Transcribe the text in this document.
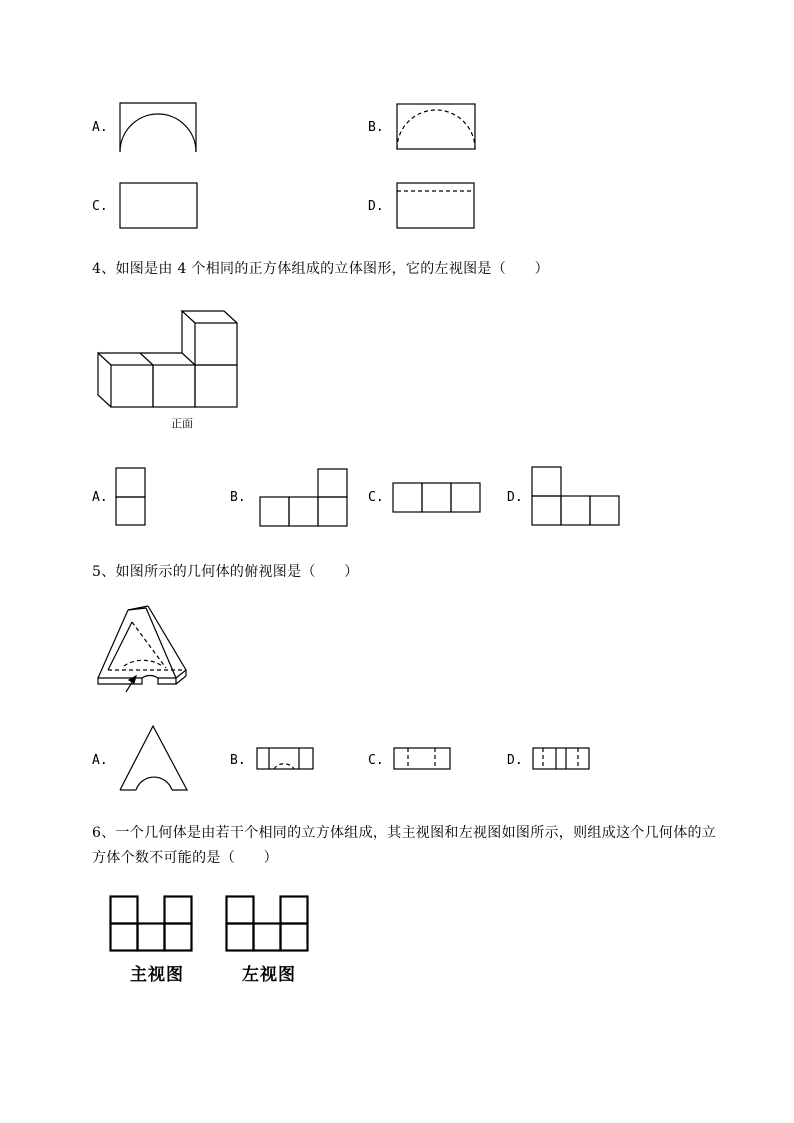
A.	B.
C.	D.
4、如图是由 4 个相同的正方体组成的立体图形，它的左视图是（　　）
正面
A.	B.	C.	D.
5、如图所示的几何体的俯视图是（　　）
A.	B.	C.	D.
6、一个几何体是由若干个相同的立方体组成，其主视图和左视图如图所示，则组成这个几何体的立
方体个数不可能的是（　　）
主视图	左视图
